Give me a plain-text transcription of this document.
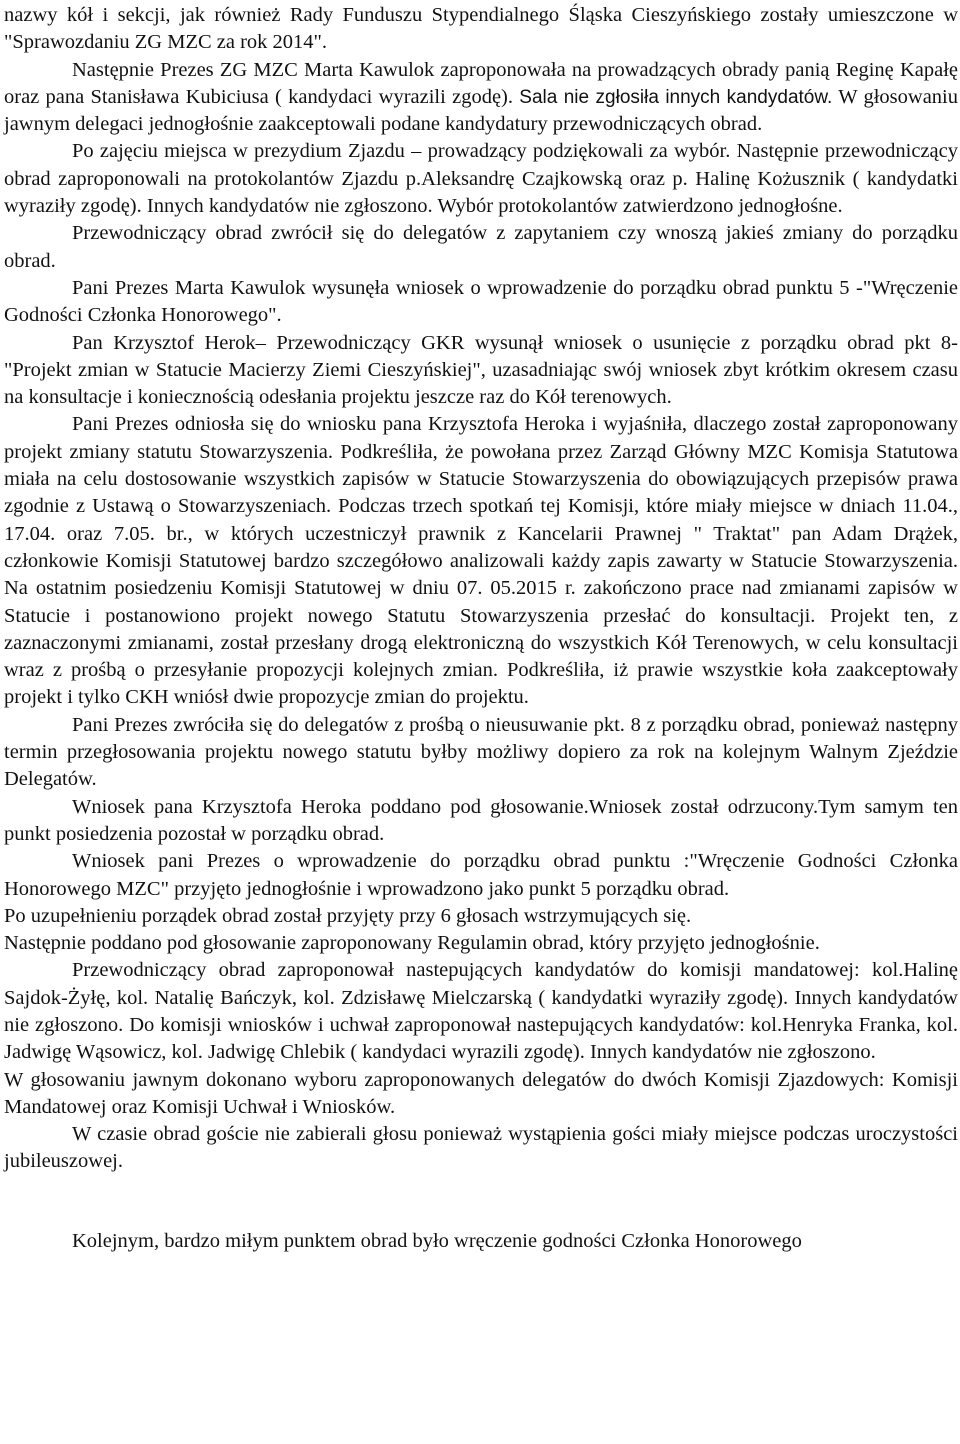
nazwy kół i sekcji, jak również Rady Funduszu Stypendialnego Śląska Cieszyńskiego zostały umieszczone w "Sprawozdaniu ZG MZC za rok 2014".

Następnie Prezes ZG MZC Marta Kawulok zaproponowała na prowadzących obrady panią Reginę Kapałę oraz pana Stanisława Kubiciusa ( kandydaci wyrazili zgodę). Sala nie zgłosiła innych kandydatów. W głosowaniu jawnym delegaci jednogłośnie zaakceptowali podane kandydatury przewodniczących obrad.

Po zajęciu miejsca w prezydium Zjazdu – prowadzący podziękowali za wybór. Następnie przewodniczący obrad zaproponowali na protokolantów Zjazdu p.Aleksandrę Czajkowską oraz p. Halinę Kożusznik ( kandydatki wyraziły zgodę). Innych kandydatów nie zgłoszono. Wybór protokolantów zatwierdzono jednogłośne.

Przewodniczący obrad zwrócił się do delegatów z zapytaniem czy wnoszą jakieś zmiany do porządku obrad.

Pani Prezes Marta Kawulok wysunęła wniosek o wprowadzenie do porządku obrad punktu 5 -"Wręczenie Godności Członka Honorowego".

Pan Krzysztof Herok– Przewodniczący GKR wysunął wniosek o usunięcie z porządku obrad pkt 8- "Projekt zmian w Statucie Macierzy Ziemi Cieszyńskiej", uzasadniając swój wniosek zbyt krótkim okresem czasu na konsultacje i koniecznością odesłania projektu jeszcze raz do Kół terenowych.

Pani Prezes odniosła się do wniosku pana Krzysztofa Heroka i wyjaśniła, dlaczego został zaproponowany projekt zmiany statutu Stowarzyszenia. Podkreśliła, że powołana przez Zarząd Główny MZC Komisja Statutowa miała na celu dostosowanie wszystkich zapisów w Statucie Stowarzyszenia do obowiązujących przepisów prawa zgodnie z Ustawą o Stowarzyszeniach. Podczas trzech spotkań tej Komisji, które miały miejsce w dniach 11.04., 17.04. oraz 7.05. br., w których uczestniczył prawnik z Kancelarii Prawnej " Traktat" pan Adam Drążek, członkowie Komisji Statutowej bardzo szczegółowo analizowali każdy zapis zawarty w Statucie Stowarzyszenia. Na ostatnim posiedzeniu Komisji Statutowej w dniu 07. 05.2015 r. zakończono prace nad zmianami zapisów w Statucie i postanowiono projekt nowego Statutu Stowarzyszenia przesłać do konsultacji. Projekt ten, z zaznaczonymi zmianami, został przesłany drogą elektroniczną do wszystkich Kół Terenowych, w celu konsultacji wraz z prośbą o przesyłanie propozycji kolejnych zmian. Podkreśliła, iż prawie wszystkie koła zaakceptowały projekt i tylko CKH wniósł dwie propozycje zmian do projektu.

Pani Prezes zwróciła się do delegatów z prośbą o nieusuwanie pkt. 8 z porządku obrad, ponieważ następny termin przegłosowania projektu nowego statutu byłby możliwy dopiero za rok na kolejnym Walnym Zjeździe Delegatów.

Wniosek pana Krzysztofa Heroka poddano pod głosowanie.Wniosek został odrzucony.Tym samym ten punkt posiedzenia pozostał w porządku obrad.

Wniosek pani Prezes o wprowadzenie do porządku obrad punktu :"Wręczenie Godności Członka Honorowego MZC" przyjęto jednogłośnie i wprowadzono jako punkt 5 porządku obrad.

Po uzupełnieniu porządek obrad został przyjęty przy 6 głosach wstrzymujących się.

Następnie poddano pod głosowanie zaproponowany Regulamin obrad, który przyjęto jednogłośnie.

Przewodniczący obrad zaproponował nastepujących kandydatów do komisji mandatowej: kol.Halinę Sajdok-Żyłę, kol. Natalię Bańczyk, kol. Zdzisławę Mielczarską ( kandydatki wyraziły zgodę). Innych kandydatów nie zgłoszono. Do komisji wniosków i uchwał zaproponował nastepujących kandydatów: kol.Henryka Franka, kol. Jadwigę Wąsowicz, kol. Jadwigę Chlebik ( kandydaci wyrazili zgodę). Innych kandydatów nie zgłoszono.

W głosowaniu jawnym dokonano wyboru zaproponowanych delegatów do dwóch Komisji Zjazdowych: Komisji Mandatowej oraz Komisji Uchwał i Wniosków.

W czasie obrad goście nie zabierali głosu ponieważ wystąpienia gości miały miejsce podczas uroczystości jubileuszowej.

Kolejnym, bardzo miłym punktem obrad było wręczenie godności Członka Honorowego
